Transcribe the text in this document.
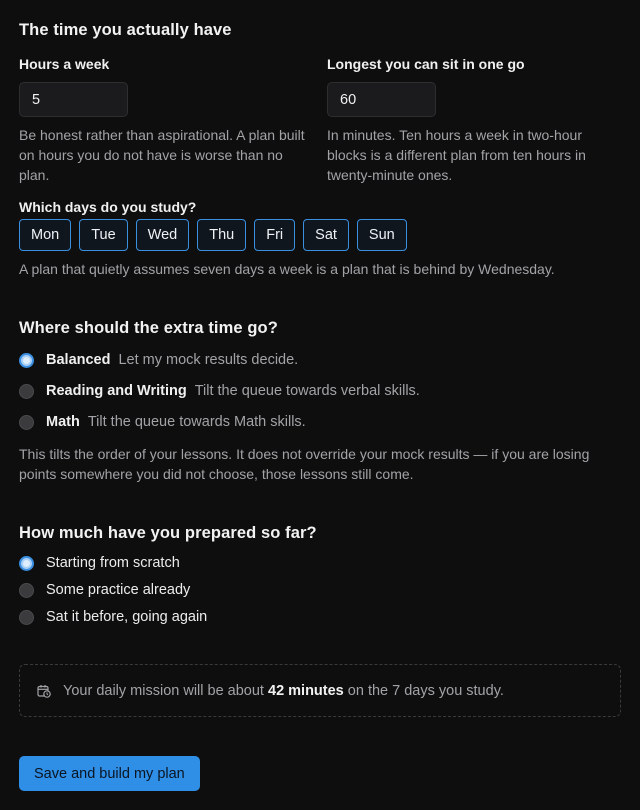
The time you actually have
Hours a week
5
Be honest rather than aspirational. A plan built on hours you do not have is worse than no plan.
Longest you can sit in one go
60
In minutes. Ten hours a week in two-hour blocks is a different plan from ten hours in twenty-minute ones.
Which days do you study?
Mon	Tue	Wed	Thu	Fri	Sat	Sun
A plan that quietly assumes seven days a week is a plan that is behind by Wednesday.
Where should the extra time go?
Balanced Let my mock results decide.
Reading and Writing Tilt the queue towards verbal skills.
Math Tilt the queue towards Math skills.
This tilts the order of your lessons. It does not override your mock results — if you are losing points somewhere you did not choose, those lessons still come.
How much have you prepared so far?
Starting from scratch
Some practice already
Sat it before, going again
Your daily mission will be about
42 minutes
on the 7 days you study.
Save and build my plan
